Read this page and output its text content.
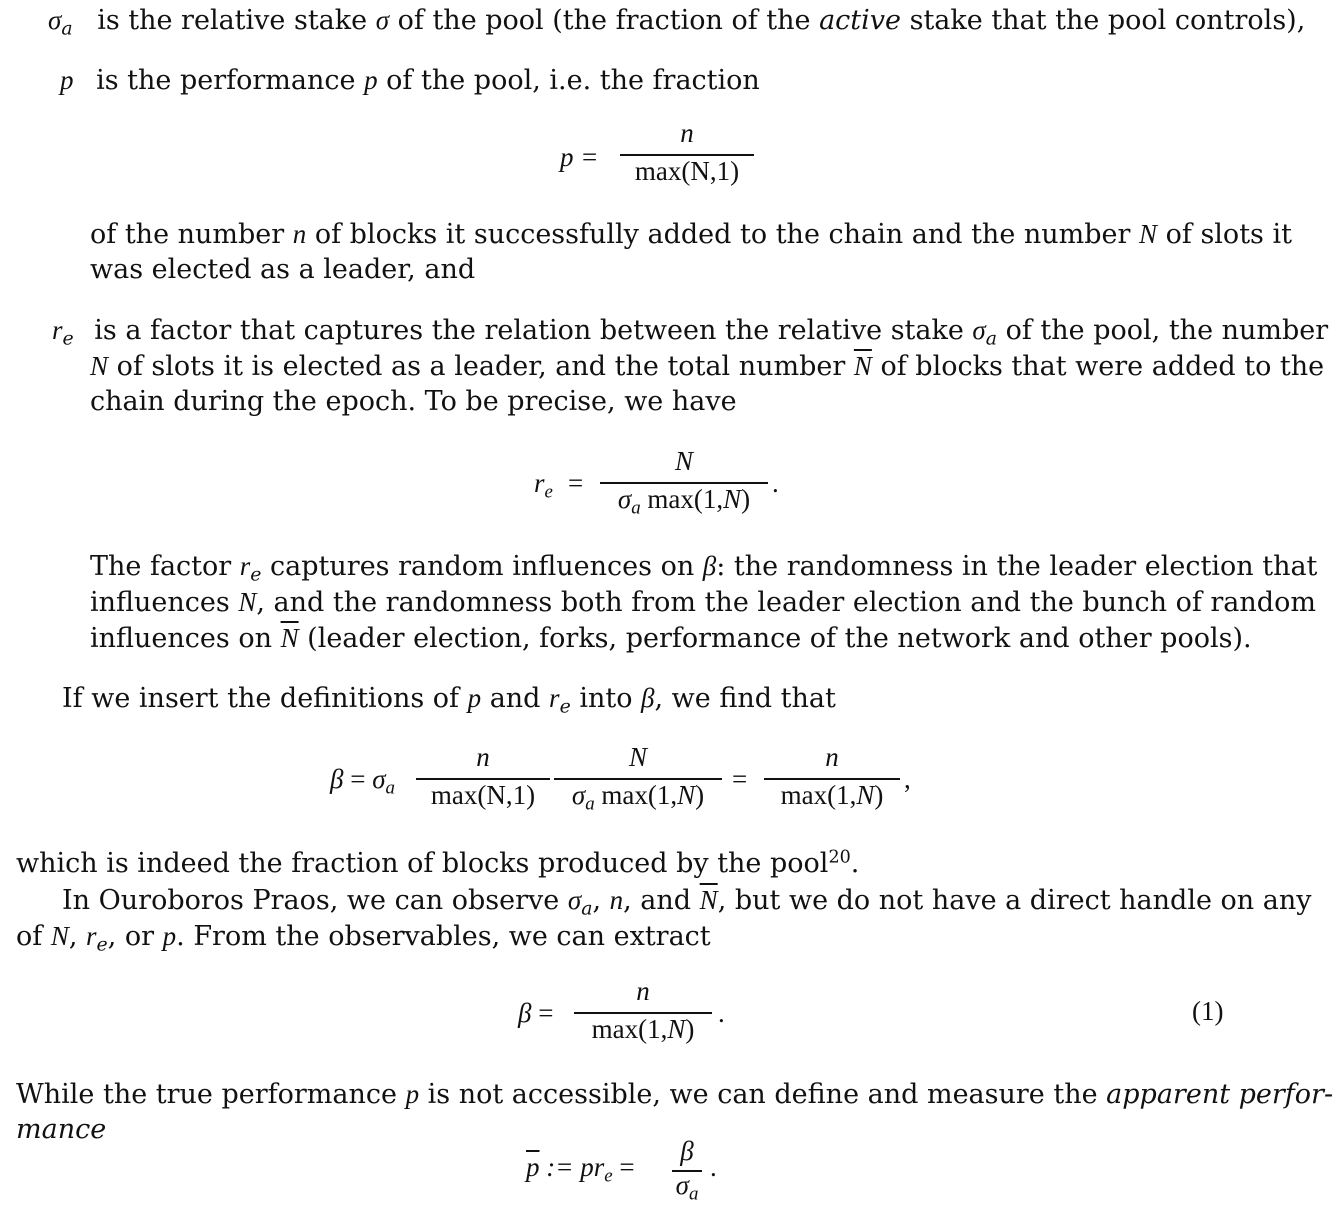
$\sigma_a$ is the relative stake σ of the pool (the fraction of the active stake that the pool controls),
p is the performance p of the pool, i.e. the fraction
p =
n
max(N,1)
of the number n of blocks it successfully added to the chain and the number N of slots it
was elected as a leader, and
$r_e$ is a factor that captures the relation between the relative stake $\sigma_a$ of the pool, the number
N of slots it is elected as a leader, and the total number $\overline{N}$ of blocks that were added to the
chain during the epoch. To be precise, we have
$r_e$ =
N
$\sigma_a$ $\max(1,\overline{N})$
.
The factor $r_e$ captures random influences on β: the randomness in the leader election that
influences N, and the randomness both from the leader election and the bunch of random
influences on $\overline{N}$ (leader election, forks, performance of the network and other pools).
If we insert the definitions of p and $r_e$ into β, we find that
$\beta = \sigma_a$
n
max(N,1)
N
$\sigma_a$ $\max(1,\overline{N})$
=
n
$\max(1,\overline{N})$
,
which is indeed the fraction of blocks produced by the pool$^{20}$.
In Ouroboros Praos, we can observe $\sigma_a$, n, and $\overline{N}$, but we do not have a direct handle on any
of N, $r_e$, or p. From the observables, we can extract
β =
n
$\max(1,\overline{N})$
.	(1)
While the true performance p is not accessible, we can define and measure the apparent perfor-
mance
$\overline{p}$ := $pr_e$ =
β
$\sigma_a$
.
